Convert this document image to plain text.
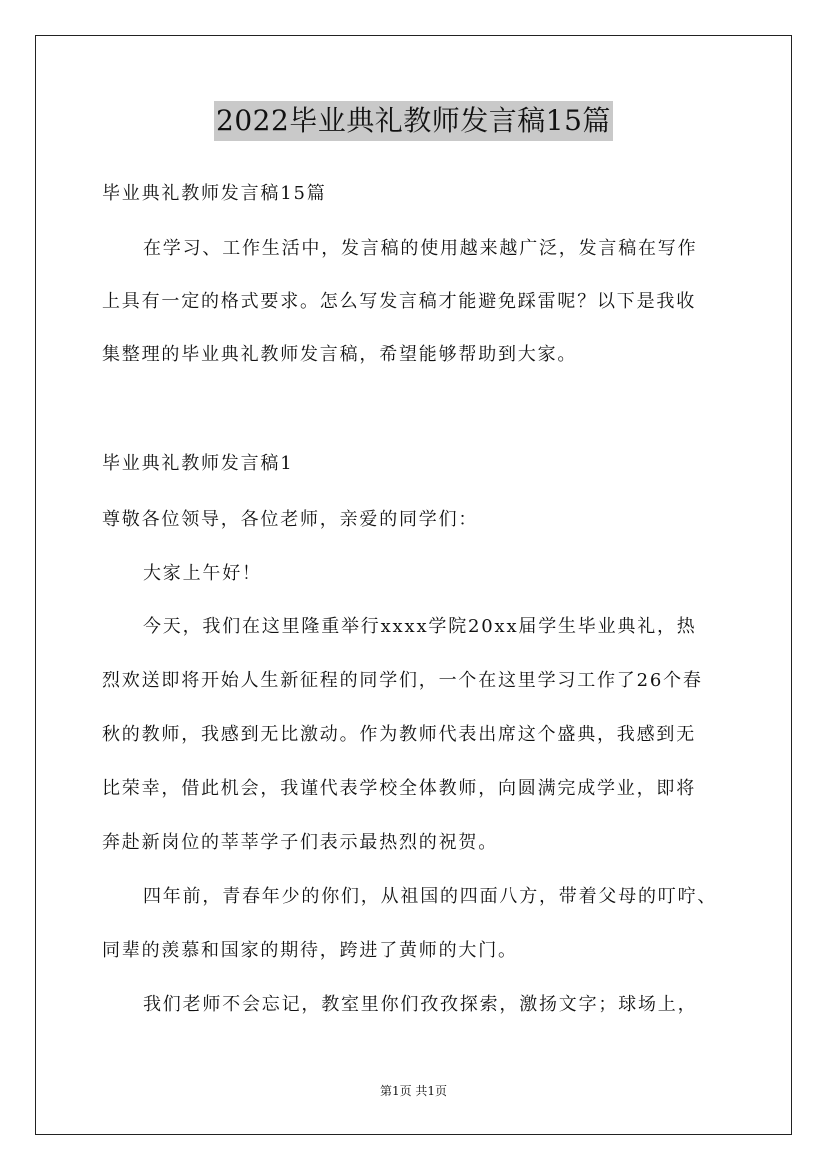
2022毕业典礼教师发言稿15篇
毕业典礼教师发言稿15篇
在学习、工作生活中，发言稿的使用越来越广泛，发言稿在写作
上具有一定的格式要求。怎么写发言稿才能避免踩雷呢？以下是我收
集整理的毕业典礼教师发言稿，希望能够帮助到大家。
毕业典礼教师发言稿1
尊敬各位领导，各位老师，亲爱的同学们：
大家上午好！
今天，我们在这里隆重举行xxxx学院20xx届学生毕业典礼，热
烈欢送即将开始人生新征程的同学们，一个在这里学习工作了26个春
秋的教师，我感到无比激动。作为教师代表出席这个盛典，我感到无
比荣幸，借此机会，我谨代表学校全体教师，向圆满完成学业，即将
奔赴新岗位的莘莘学子们表示最热烈的祝贺。
四年前，青春年少的你们，从祖国的四面八方，带着父母的叮咛、
同辈的羡慕和国家的期待，跨进了黄师的大门。
我们老师不会忘记，教室里你们孜孜探索，激扬文字；球场上，
第1页 共1页
